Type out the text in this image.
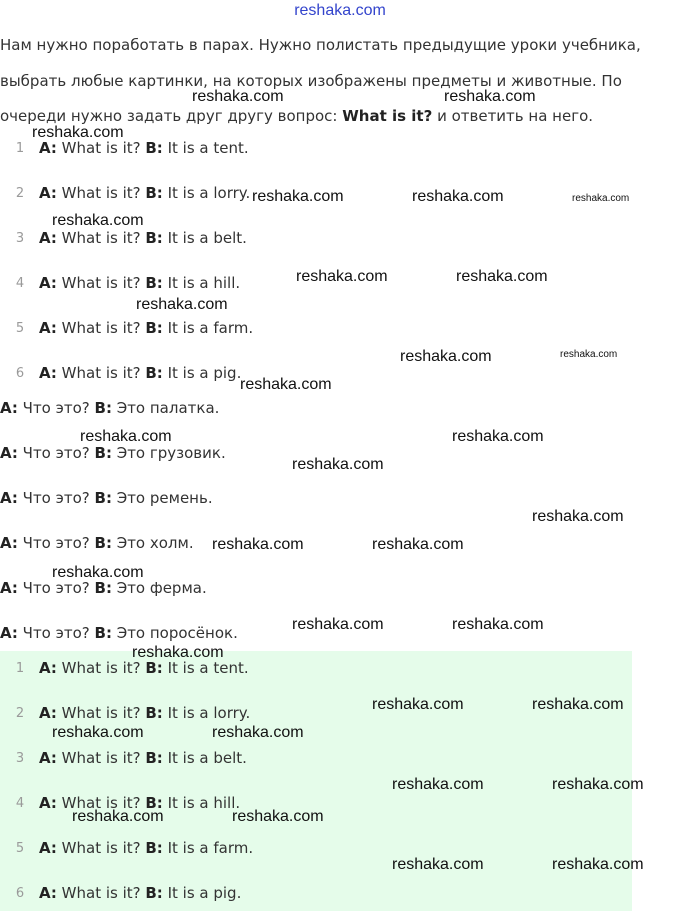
reshaka.com
Нам нужно поработать в парах. Нужно полистать предыдущие уроки учебника,
выбрать любые картинки, на которых изображены предметы и животные. По
очереди нужно задать друг другу вопрос: What is it? и ответить на него.
1 A: What is it? B: It is a tent.
2 A: What is it? B: It is a lorry.
3 A: What is it? B: It is a belt.
4 A: What is it? B: It is a hill.
5 A: What is it? B: It is a farm.
6 A: What is it? B: It is a pig.
A: Что это? B: Это палатка.
A: Что это? B: Это грузовик.
A: Что это? B: Это ремень.
A: Что это? B: Это холм.
A: Что это? B: Это ферма.
A: Что это? B: Это поросёнок.
1 A: What is it? B: It is a tent.
2 A: What is it? B: It is a lorry.
3 A: What is it? B: It is a belt.
4 A: What is it? B: It is a hill.
5 A: What is it? B: It is a farm.
6 A: What is it? B: It is a pig.
reshaka.com	reshaka.com
reshaka.com
reshaka.com	reshaka.com	reshaka.com
reshaka.com
reshaka.com	reshaka.com
reshaka.com
reshaka.com	reshaka.com
reshaka.com
reshaka.com	reshaka.com
reshaka.com
reshaka.com
reshaka.com	reshaka.com
reshaka.com
reshaka.com	reshaka.com
reshaka.com
reshaka.com	reshaka.com
reshaka.com	reshaka.com
reshaka.com	reshaka.com
reshaka.com	reshaka.com
reshaka.com	reshaka.com
